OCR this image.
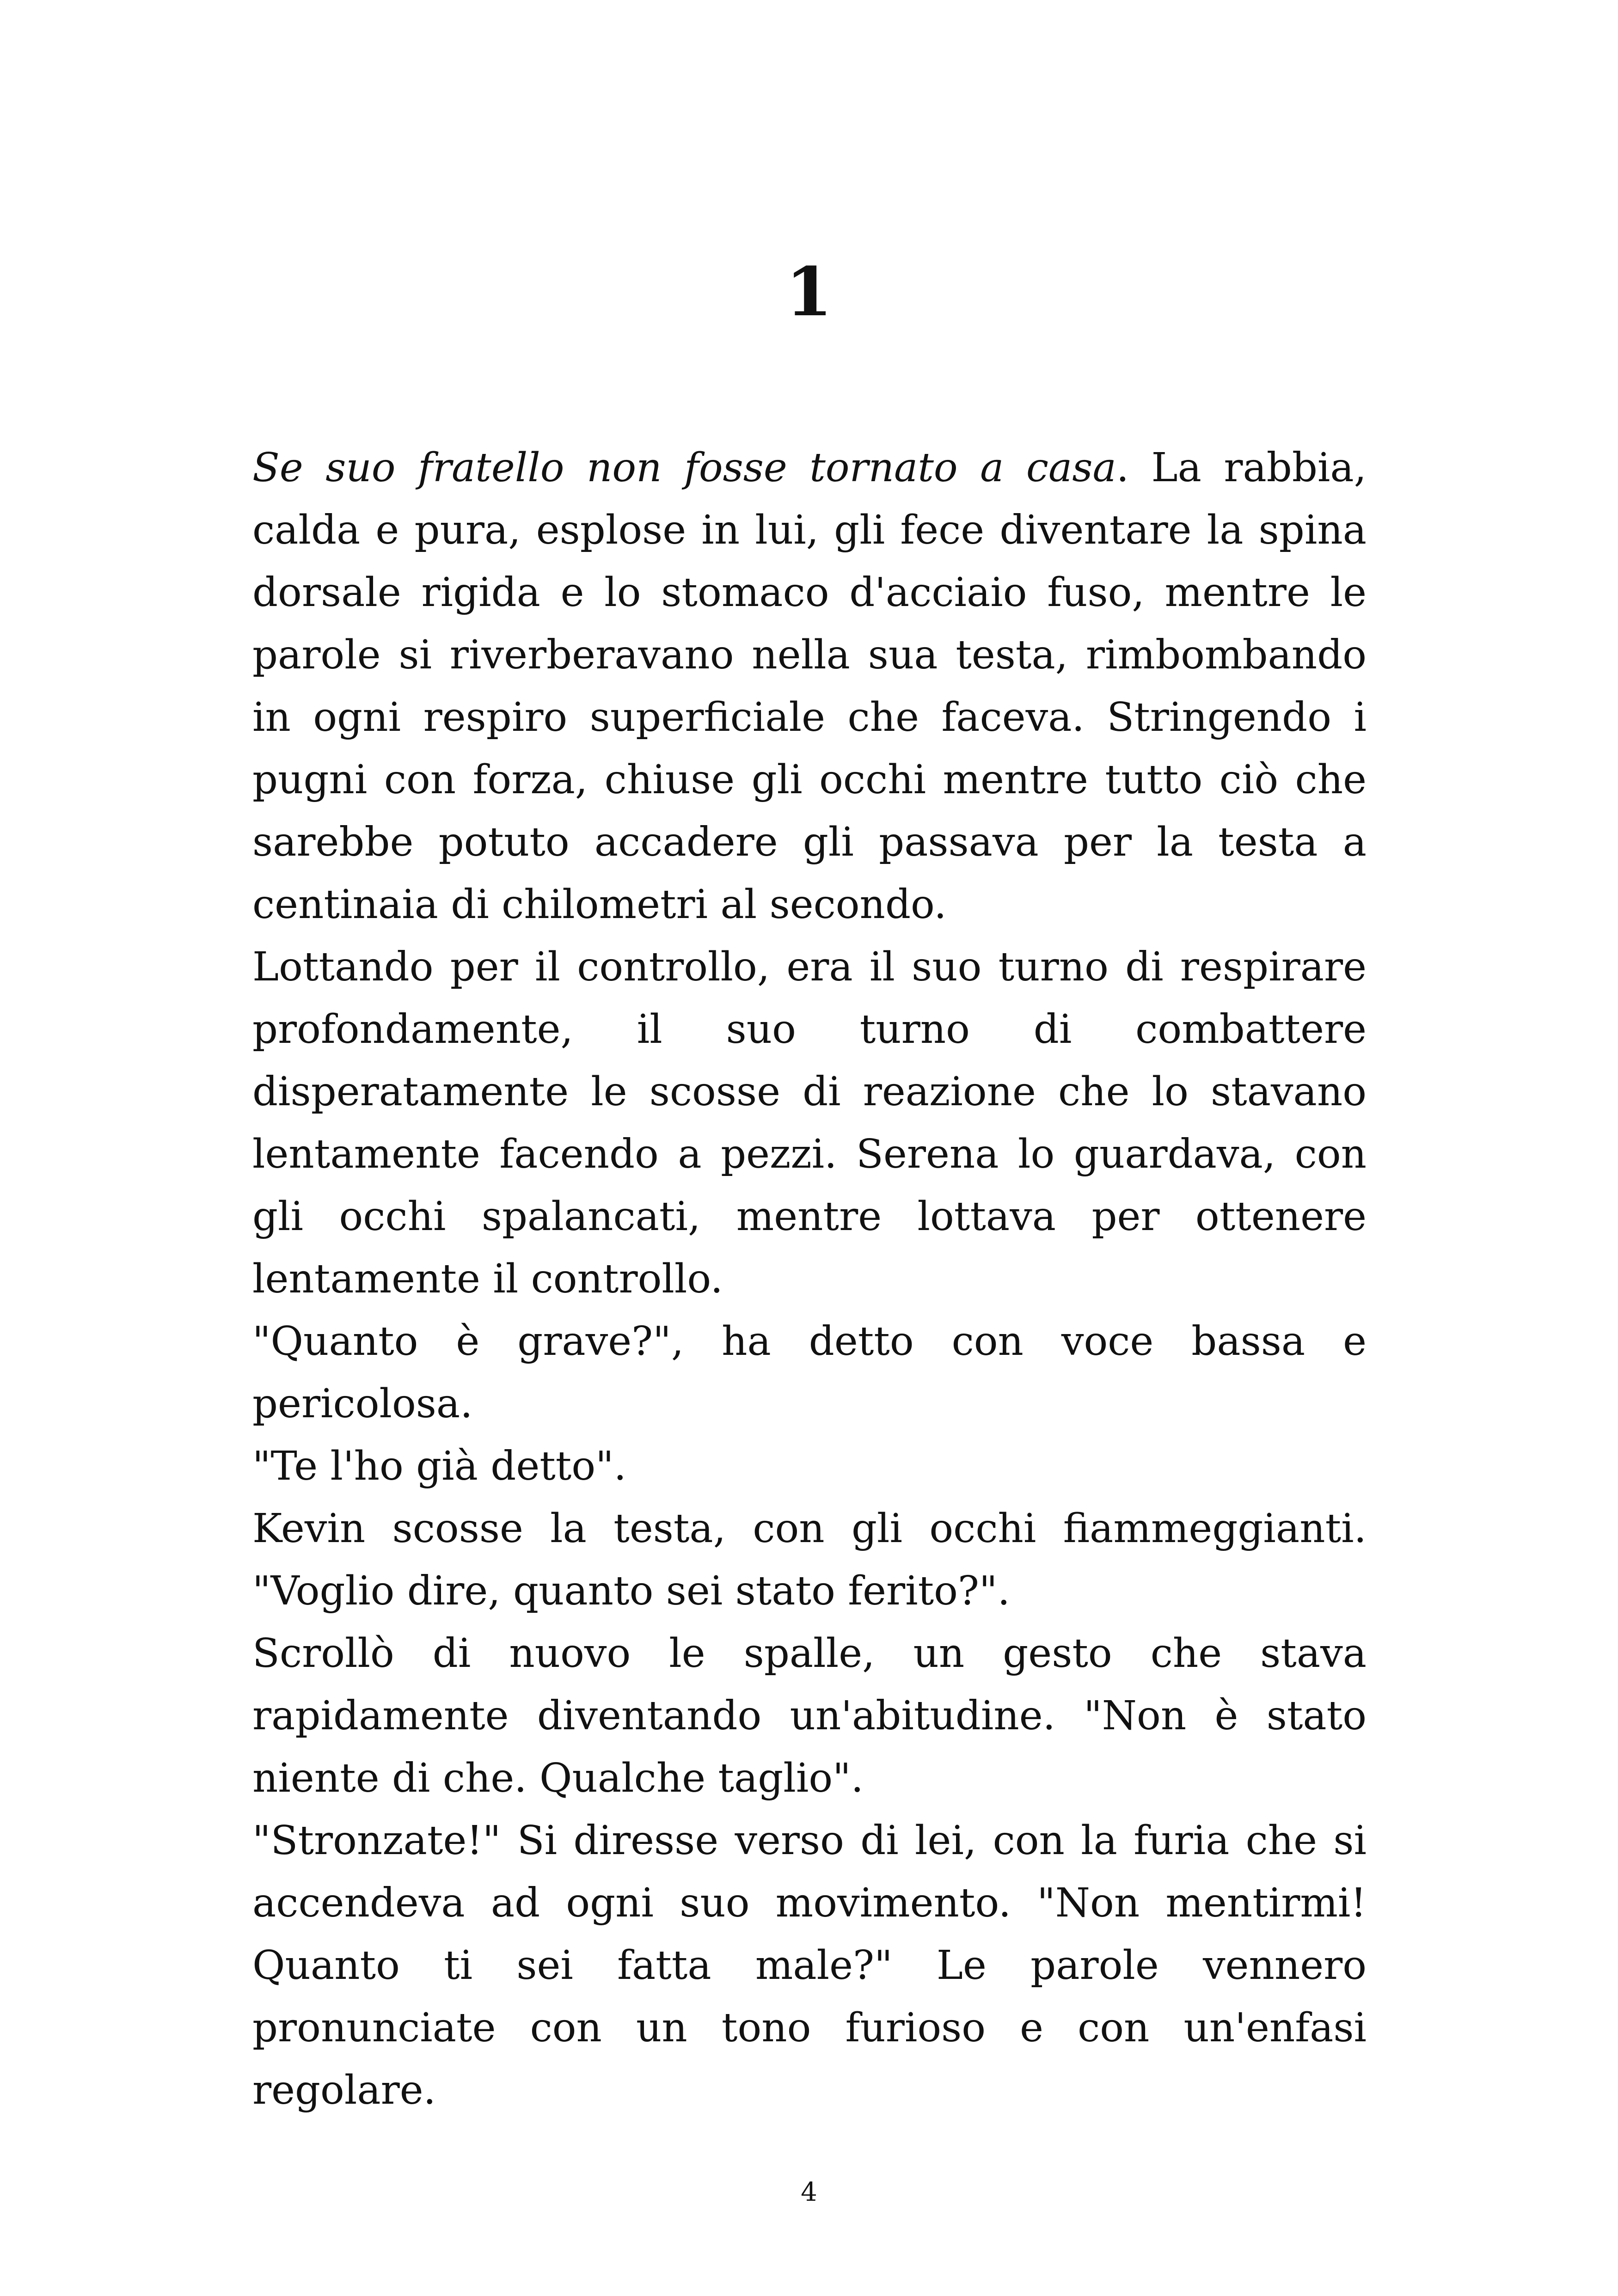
1

Se suo fratello non fosse tornato a casa. La rabbia, calda e pura, esplose in lui, gli fece diventare la spina dorsale rigida e lo stomaco d'acciaio fuso, mentre le parole si riverberavano nella sua testa, rimbombando in ogni respiro superficiale che faceva. Stringendo i pugni con forza, chiuse gli occhi mentre tutto ciò che sarebbe potuto accadere gli passava per la testa a centinaia di chilometri al secondo.

Lottando per il controllo, era il suo turno di respirare profondamente, il suo turno di combattere disperatamente le scosse di reazione che lo stavano lentamente facendo a pezzi. Serena lo guardava, con gli occhi spalancati, mentre lottava per ottenere lentamente il controllo.

"Quanto è grave?", ha detto con voce bassa e pericolosa.

"Te l'ho già detto".

Kevin scosse la testa, con gli occhi fiammeggianti. "Voglio dire, quanto sei stato ferito?".

Scrollò di nuovo le spalle, un gesto che stava rapidamente diventando un'abitudine. "Non è stato niente di che. Qualche taglio".

"Stronzate!" Si diresse verso di lei, con la furia che si accendeva ad ogni suo movimento. "Non mentirmi! Quanto ti sei fatta male?" Le parole vennero pronunciate con un tono furioso e con un'enfasi regolare.

4
